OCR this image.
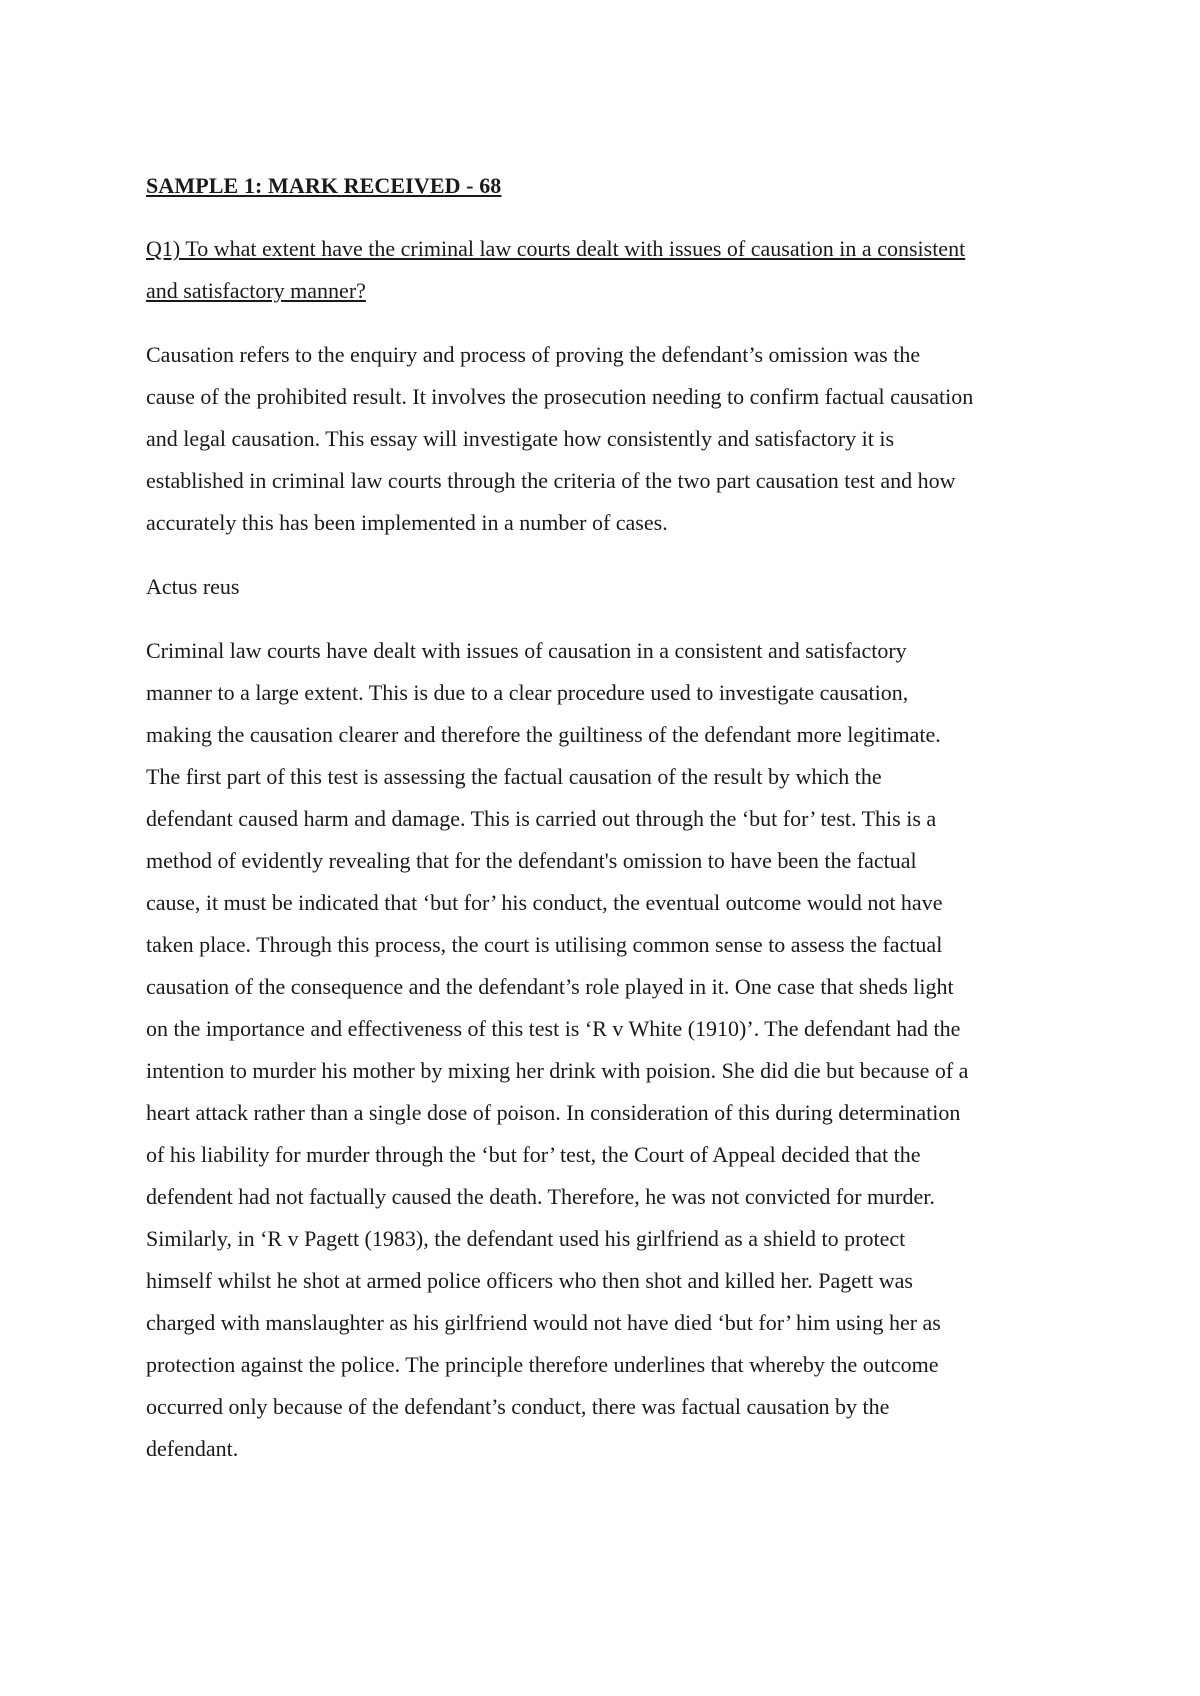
SAMPLE 1: MARK RECEIVED - 68

Q1) To what extent have the criminal law courts dealt with issues of causation in a consistent
and satisfactory manner?

Causation refers to the enquiry and process of proving the defendant’s omission was the
cause of the prohibited result. It involves the prosecution needing to confirm factual causation
and legal causation. This essay will investigate how consistently and satisfactory it is
established in criminal law courts through the criteria of the two part causation test and how
accurately this has been implemented in a number of cases.

Actus reus

Criminal law courts have dealt with issues of causation in a consistent and satisfactory
manner to a large extent. This is due to a clear procedure used to investigate causation,
making the causation clearer and therefore the guiltiness of the defendant more legitimate.
The first part of this test is assessing the factual causation of the result by which the
defendant caused harm and damage. This is carried out through the ‘but for’ test. This is a
method of evidently revealing that for the defendant's omission to have been the factual
cause, it must be indicated that ‘but for’ his conduct, the eventual outcome would not have
taken place. Through this process, the court is utilising common sense to assess the factual
causation of the consequence and the defendant’s role played in it. One case that sheds light
on the importance and effectiveness of this test is ‘R v White (1910)’. The defendant had the
intention to murder his mother by mixing her drink with poision. She did die but because of a
heart attack rather than a single dose of poison. In consideration of this during determination
of his liability for murder through the ‘but for’ test, the Court of Appeal decided that the
defendent had not factually caused the death. Therefore, he was not convicted for murder.
Similarly, in ‘R v Pagett (1983), the defendant used his girlfriend as a shield to protect
himself whilst he shot at armed police officers who then shot and killed her. Pagett was
charged with manslaughter as his girlfriend would not have died ‘but for’ him using her as
protection against the police. The principle therefore underlines that whereby the outcome
occurred only because of the defendant’s conduct, there was factual causation by the
defendant.
